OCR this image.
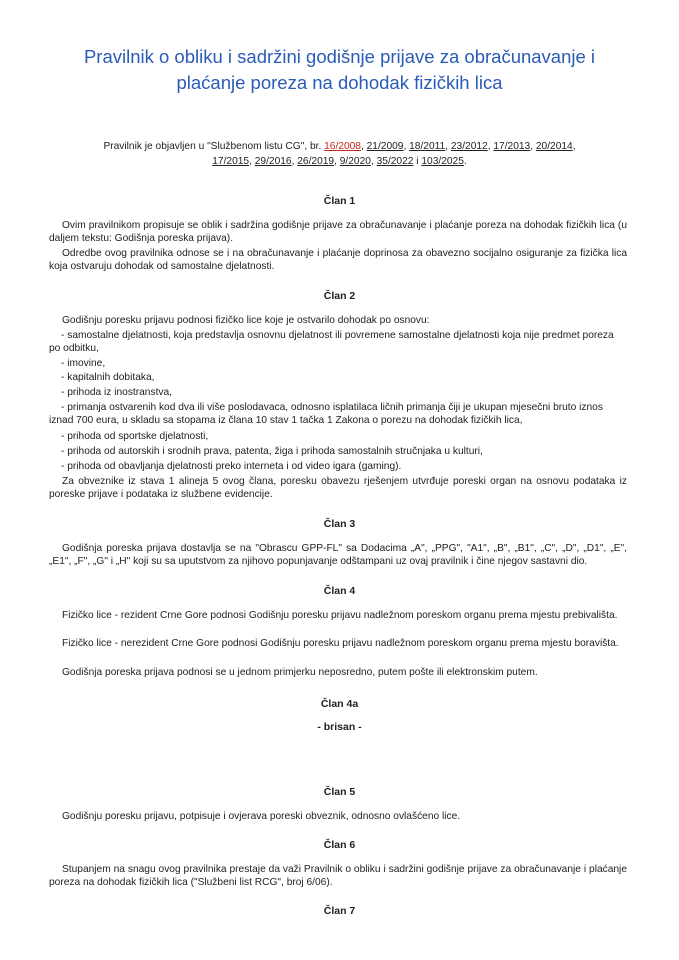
Pravilnik o obliku i sadržini godišnje prijave za obračunavanje i
plaćanje poreza na dohodak fizičkih lica
Pravilnik je objavljen u "Službenom listu CG", br. 16/2008, 21/2009, 18/2011, 23/2012, 17/2013, 20/2014,
17/2015, 29/2016, 26/2019, 9/2020, 35/2022 i 103/2025.
Član 1

Ovim pravilnikom propisuje se oblik i sadržina godišnje prijave za obračunavanje i plaćanje poreza na dohodak fizičkih lica (u daljem tekstu: Godišnja poreska prijava).

Odredbe ovog pravilnika odnose se i na obračunavanje i plaćanje doprinosa za obavezno socijalno osiguranje za fizička lica koja ostvaruju dohodak od samostalne djelatnosti.

Član 2

Godišnju poresku prijavu podnosi fizičko lice koje je ostvarilo dohodak po osnovu:

- samostalne djelatnosti, koja predstavlja osnovnu djelatnost ili povremene samostalne djelatnosti koja nije predmet poreza po odbitku,

- imovine,

- kapitalnih dobitaka,

- prihoda iz inostranstva,

- primanja ostvarenih kod dva ili više poslodavaca, odnosno isplatilaca ličnih primanja čiji je ukupan mjesečni bruto iznos iznad 700 eura, u skladu sa stopama iz člana 10 stav 1 tačka 1 Zakona o porezu na dohodak fizičkih lica,

- prihoda od sportske djelatnosti,

- prihoda od autorskih i srodnih prava, patenta, žiga i prihoda samostalnih stručnjaka u kulturi,

- prihoda od obavljanja djelatnosti preko interneta i od video igara (gaming).

Za obveznike iz stava 1 alineja 5 ovog člana, poresku obavezu rješenjem utvrđuje poreski organ na osnovu podataka iz poreske prijave i podataka iz službene evidencije.

Član 3

Godišnja poreska prijava dostavlja se na "Obrascu GPP-FL" sa Dodacima „A", „PPG", "A1", „B", „B1", „C", „D", „D1", „E", „E1", „F", „G" i „H" koji su sa uputstvom za njihovo popunjavanje odštampani uz ovaj pravilnik i čine njegov sastavni dio.

Član 4

Fizičko lice - rezident Crne Gore podnosi Godišnju poresku prijavu nadležnom poreskom organu prema mjestu prebivališta.

Fizičko lice - nerezident Crne Gore podnosi Godišnju poresku prijavu nadležnom poreskom organu prema mjestu boravišta.

Godišnja poreska prijava podnosi se u jednom primjerku neposredno, putem pošte ili elektronskim putem.

Član 4a
- brisan -
Član 5

Godišnju poresku prijavu, potpisuje i ovjerava poreski obveznik, odnosno ovlašćeno lice.

Član 6

Stupanjem na snagu ovog pravilnika prestaje da važi Pravilnik o obliku i sadržini godišnje prijave za obračunavanje i plaćanje poreza na dohodak fizičkih lica ("Službeni list RCG", broj 6/06).

Član 7
